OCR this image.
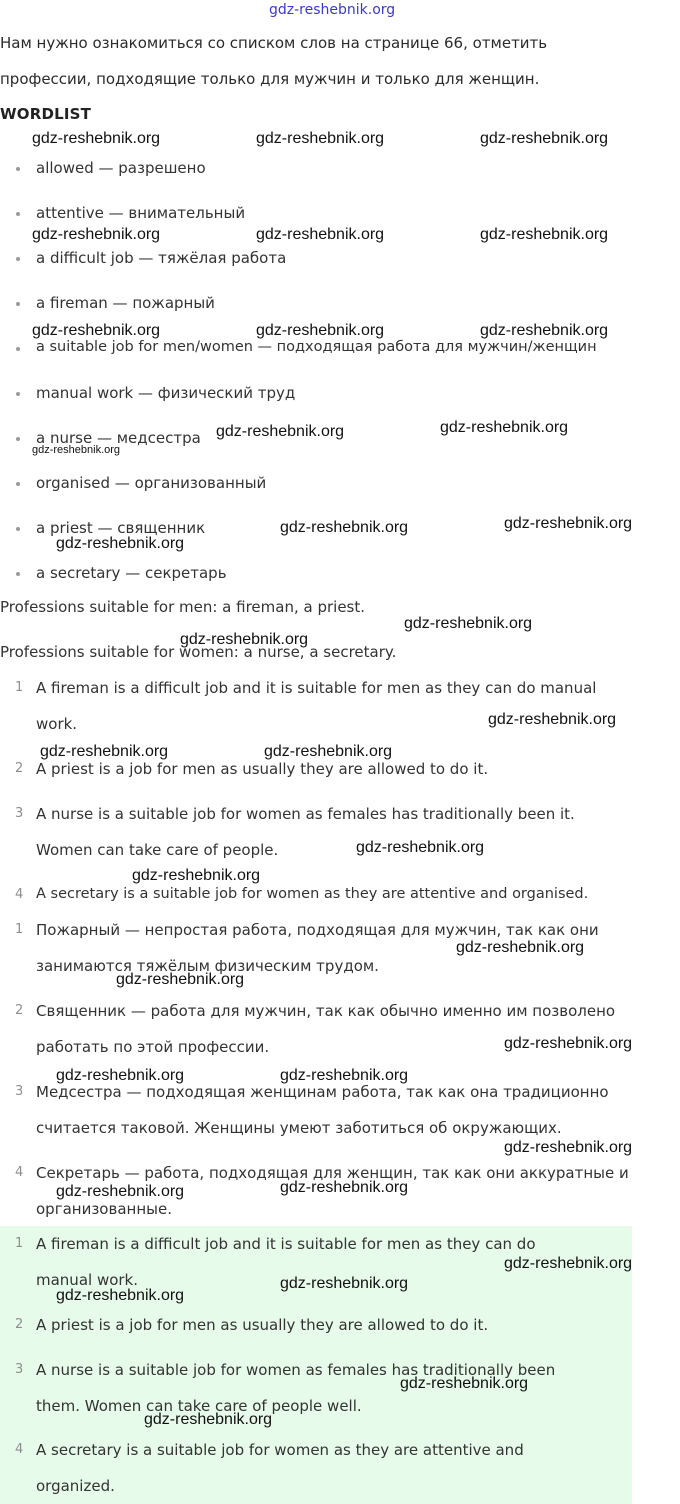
gdz-reshebnik.org
Нам нужно ознакомиться со списком слов на странице 66, отметить
профессии, подходящие только для мужчин и только для женщин.
WORDLIST
allowed — разрешено
attentive — внимательный
a difficult job — тяжёлая работа
a fireman — пожарный
a suitable job for men/women — подходящая работа для мужчин/женщин
manual work — физический труд
a nurse — медсестра
organised — организованный
a priest — священник
a secretary — секретарь
Professions suitable for men: a fireman, a priest.
Professions suitable for women: a nurse, a secretary.
1 A fireman is a difficult job and it is suitable for men as they can do manual
work.
2 A priest is a job for men as usually they are allowed to do it.
3 A nurse is a suitable job for women as females has traditionally been it.
Women can take care of people.
4 A secretary is a suitable job for women as they are attentive and organised.
1 Пожарный — непростая работа, подходящая для мужчин, так как они
занимаются тяжёлым физическим трудом.
2 Священник — работа для мужчин, так как обычно именно им позволено
работать по этой профессии.
3 Медсестра — подходящая женщинам работа, так как она традиционно
считается таковой. Женщины умеют заботиться об окружающих.
4 Секретарь — работа, подходящая для женщин, так как они аккуратные и
организованные.
1 A fireman is a difficult job and it is suitable for men as they can do
manual work.
2 A priest is a job for men as usually they are allowed to do it.
3 A nurse is a suitable job for women as females has traditionally been
them. Women can take care of people well.
4 A secretary is a suitable job for women as they are attentive and
organized.
gdz-reshebnik.org	gdz-reshebnik.org	gdz-reshebnik.org
gdz-reshebnik.org	gdz-reshebnik.org	gdz-reshebnik.org
gdz-reshebnik.org	gdz-reshebnik.org	gdz-reshebnik.org
gdz-reshebnik.org	gdz-reshebnik.org
gdz-reshebnik.org
gdz-reshebnik.org	gdz-reshebnik.org
gdz-reshebnik.org
gdz-reshebnik.org
gdz-reshebnik.org
gdz-reshebnik.org
gdz-reshebnik.org	gdz-reshebnik.org
gdz-reshebnik.org
gdz-reshebnik.org
gdz-reshebnik.org
gdz-reshebnik.org
gdz-reshebnik.org
gdz-reshebnik.org	gdz-reshebnik.org
gdz-reshebnik.org
gdz-reshebnik.org	gdz-reshebnik.org
gdz-reshebnik.org
gdz-reshebnik.org
gdz-reshebnik.org
gdz-reshebnik.org
gdz-reshebnik.org
